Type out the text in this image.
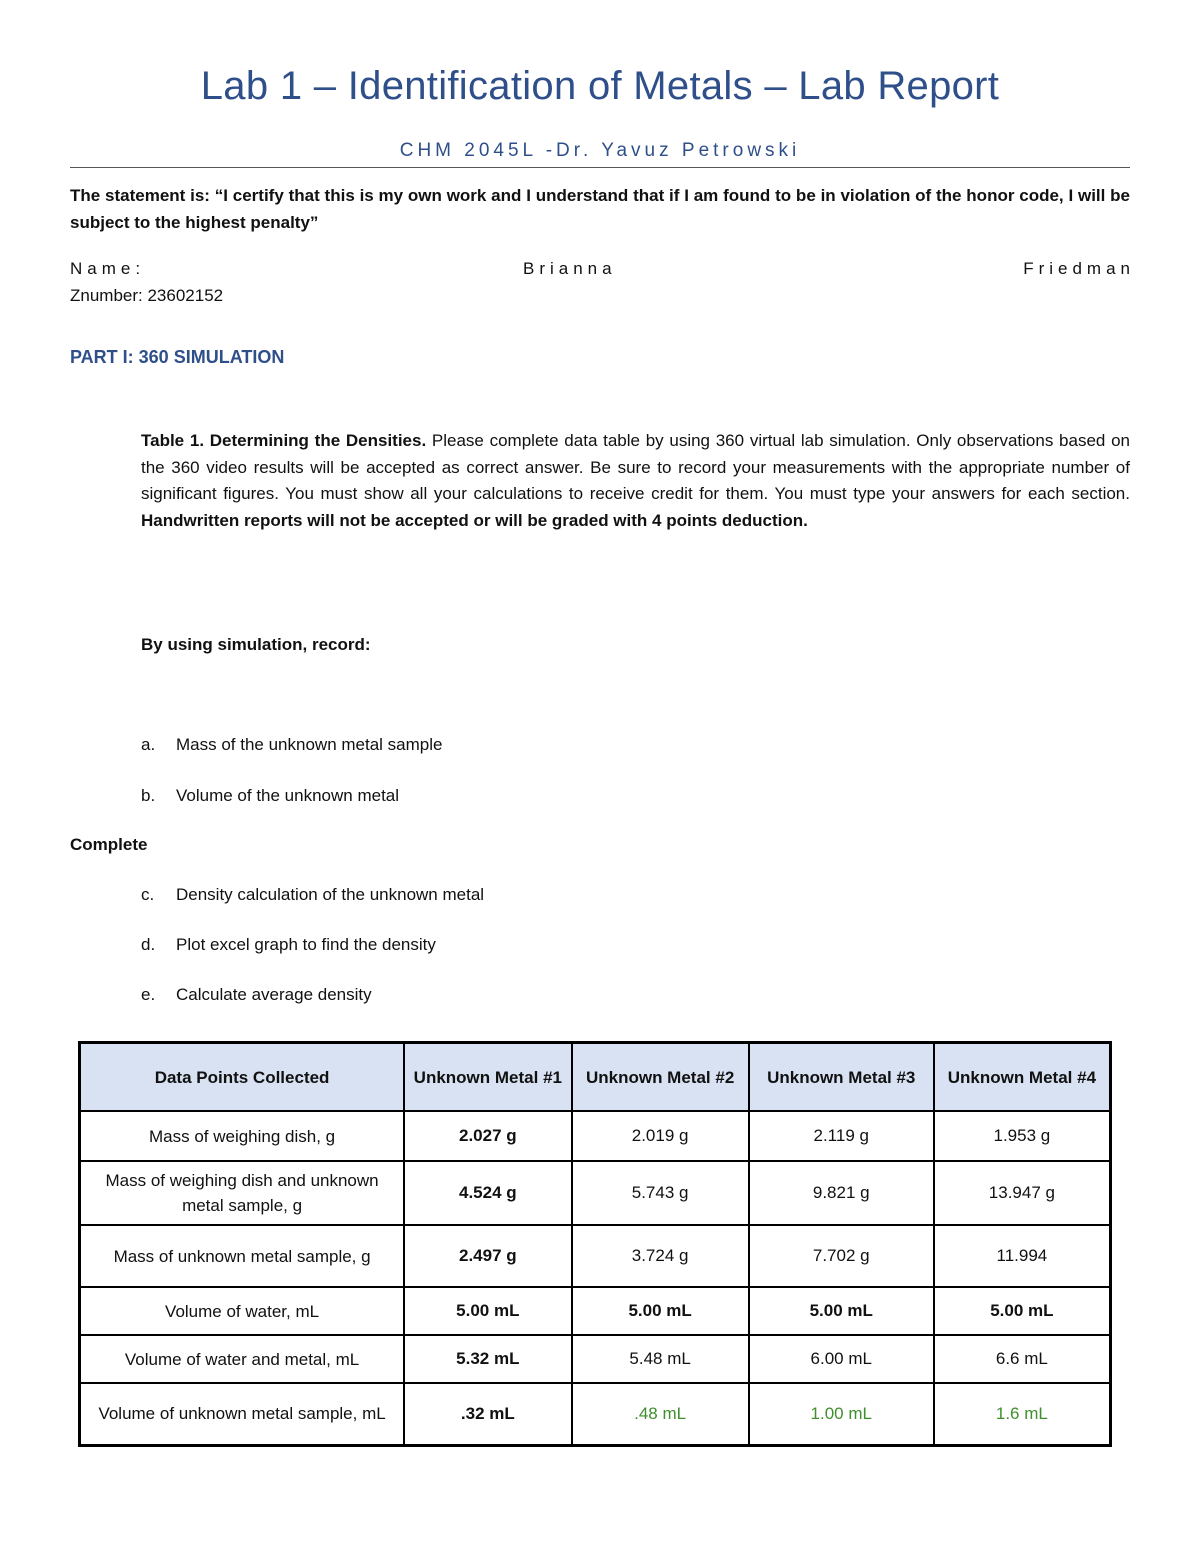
Lab 1 – Identification of Metals – Lab Report
CHM 2045L -Dr. Yavuz Petrowski
The statement is: “I certify that this is my own work and I understand that if I am found to be in violation of the honor code, I will be subject to the highest penalty”
Name:	Brianna	Friedman
Znumber: 23602152
PART I: 360 SIMULATION
Table 1. Determining the Densities. Please complete data table by using 360 virtual lab simulation. Only observations based on the 360 video results will be accepted as correct answer. Be sure to record your measurements with the appropriate number of significant figures. You must show all your calculations to receive credit for them. You must type your answers for each section. Handwritten reports will not be accepted or will be graded with 4 points deduction.
By using simulation, record:
a. Mass of the unknown metal sample
b. Volume of the unknown metal
Complete
c. Density calculation of the unknown metal
d. Plot excel graph to find the density
e. Calculate average density
Data Points Collected	Unknown Metal #1	Unknown Metal #2	Unknown Metal #3	Unknown Metal #4
Mass of weighing dish, g	2.027 g	2.019 g	2.119 g	1.953 g
Mass of weighing dish and unknown metal sample, g	4.524 g	5.743 g	9.821 g	13.947 g
Mass of unknown metal sample, g	2.497 g	3.724 g	7.702 g	11.994
Volume of water, mL	5.00 mL	5.00 mL	5.00 mL	5.00 mL
Volume of water and metal, mL	5.32 mL	5.48 mL	6.00 mL	6.6 mL
Volume of unknown metal sample, mL	.32 mL	.48 mL	1.00 mL	1.6 mL
